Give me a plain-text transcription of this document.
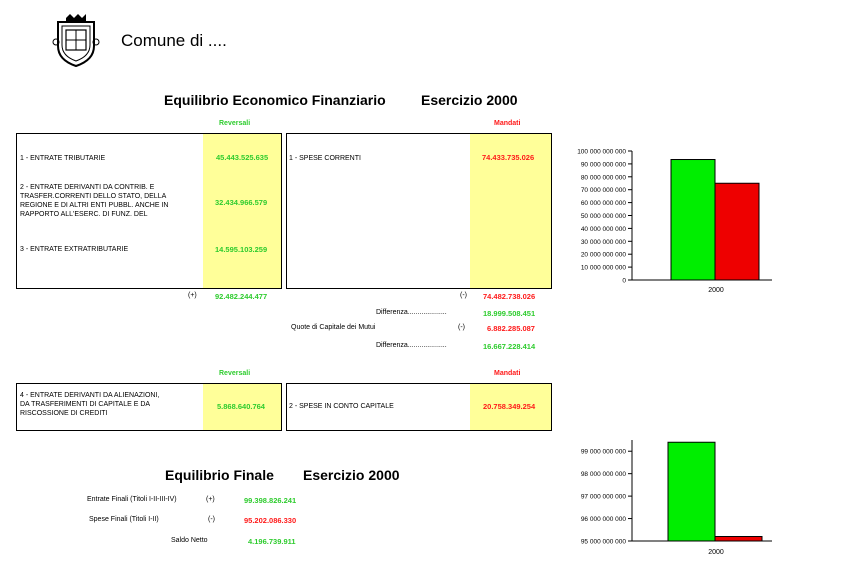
Comune di ....
Equilibrio Economico Finanziario	Esercizio 2000
Reversali	Mandati
1 - ENTRATE TRIBUTARIE	45.443.525.635
2 - ENTRATE DERIVANTI DA CONTRIB. E
TRASFER.CORRENTI DELLO STATO, DELLA
REGIONE E DI ALTRI ENTI PUBBL. ANCHE IN
RAPPORTO ALL'ESERC. DI FUNZ. DEL
32.434.966.579
3 - ENTRATE EXTRATRIBUTARIE	14.595.103.259
1 - SPESE CORRENTI	74.433.735.026
(+) 92.482.244.477	(-) 74.482.738.026
Differenza....................	18.999.508.451
Quote di Capitale dei Mutui	(-)	6.882.285.087
Differenza....................	16.667.228.414
Reversali	Mandati
4 - ENTRATE DERIVANTI DA ALIENAZIONI,
DA TRASFERIMENTI DI CAPITALE E DA
RISCOSSIONE DI CREDITI
5.868.640.764	2 - SPESE IN CONTO CAPITALE	20.758.349.254
Equilibrio Finale Esercizio 2000
Entrate Finali (Titoli I-II-III-IV)	(+)	99.398.826.241
Spese Finali (Titoli I-II)	(-)	95.202.086.330
Saldo Netto	4.196.739.911
0
10 000 000 000
20 000 000 000
30 000 000 000
40 000 000 000
50 000 000 000
60 000 000 000
70 000 000 000
80 000 000 000
90 000 000 000
100 000 000 000
2000
95 000 000 000
96 000 000 000
97 000 000 000
98 000 000 000
99 000 000 000
2000
